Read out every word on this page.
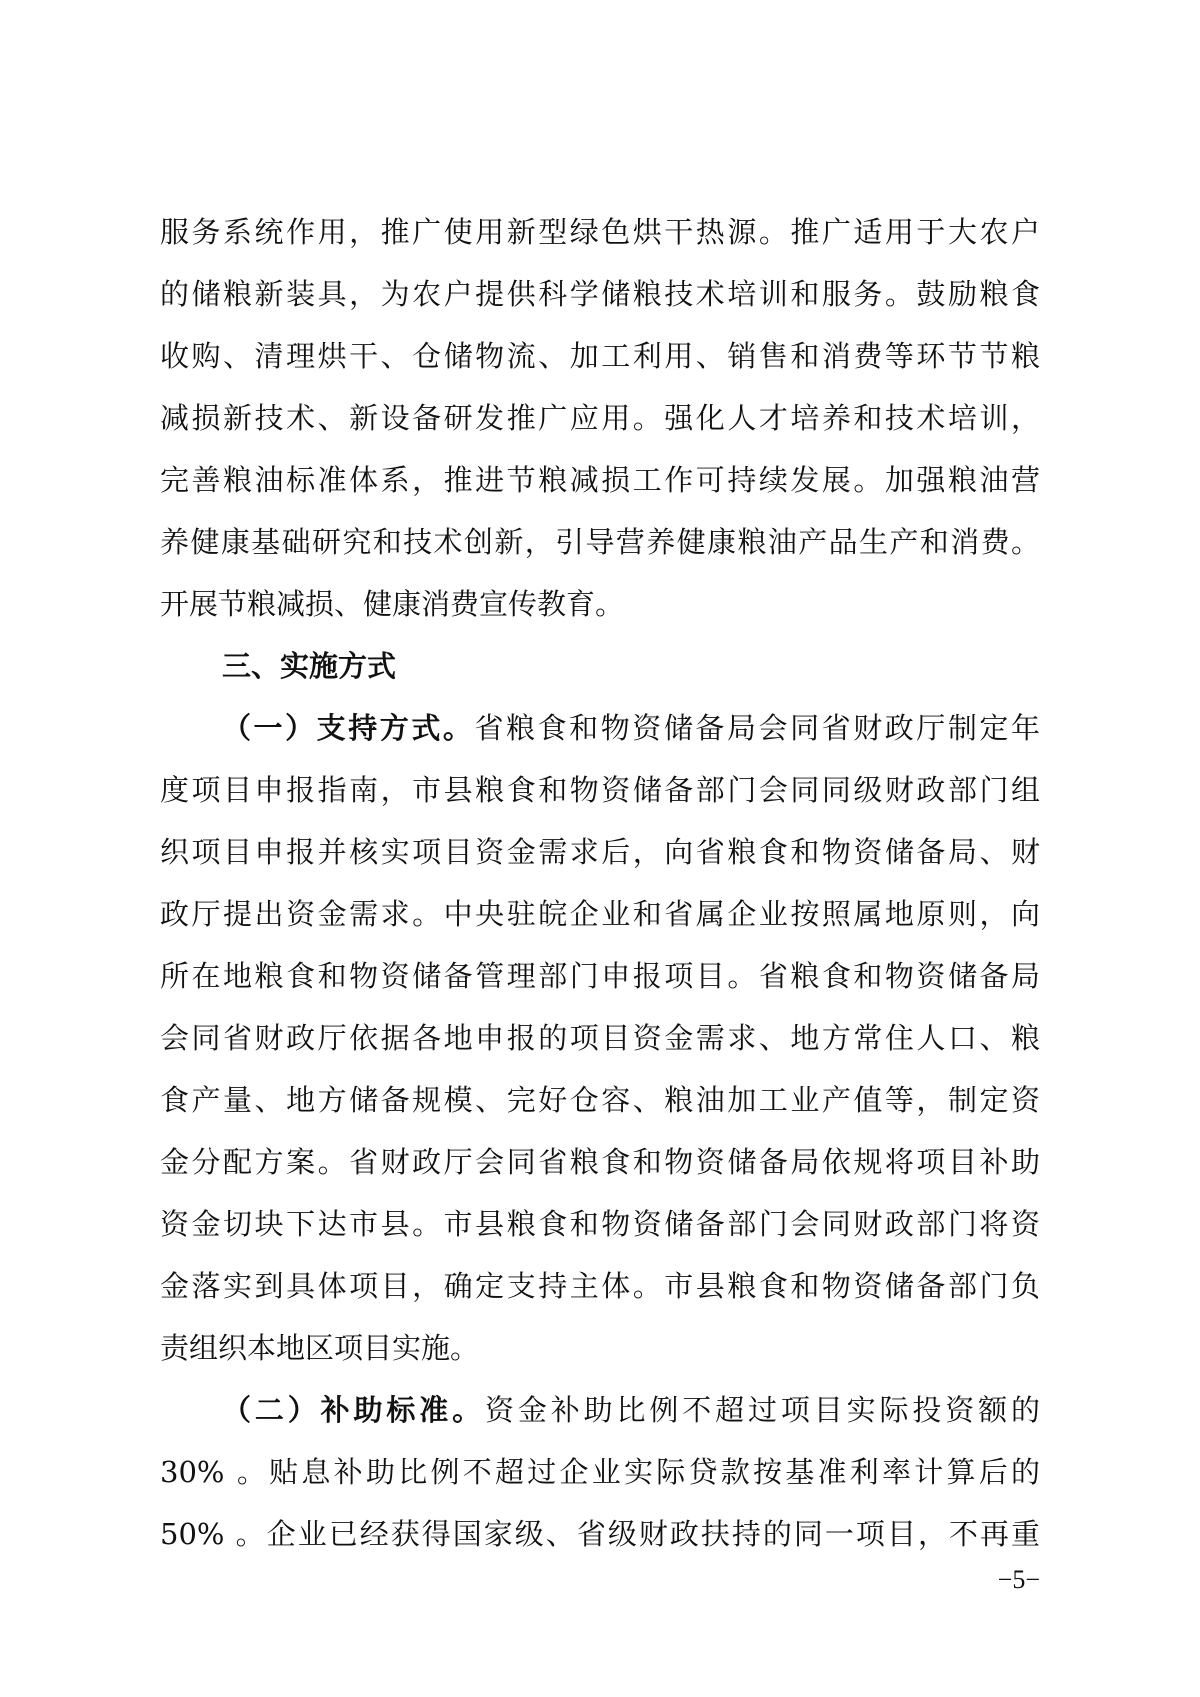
服务系统作用，推广使用新型绿色烘干热源。推广适用于大农户

的储粮新装具，为农户提供科学储粮技术培训和服务。鼓励粮食

收购、清理烘干、仓储物流、加工利用、销售和消费等环节节粮

减损新技术、新设备研发推广应用。强化人才培养和技术培训，

完善粮油标准体系，推进节粮减损工作可持续发展。加强粮油营

养健康基础研究和技术创新，引导营养健康粮油产品生产和消费。

开展节粮减损、健康消费宣传教育。

三、实施方式

（一）支持方式。省粮食和物资储备局会同省财政厅制定年

度项目申报指南，市县粮食和物资储备部门会同同级财政部门组

织项目申报并核实项目资金需求后，向省粮食和物资储备局、财

政厅提出资金需求。中央驻皖企业和省属企业按照属地原则，向

所在地粮食和物资储备管理部门申报项目。省粮食和物资储备局

会同省财政厅依据各地申报的项目资金需求、地方常住人口、粮

食产量、地方储备规模、完好仓容、粮油加工业产值等，制定资

金分配方案。省财政厅会同省粮食和物资储备局依规将项目补助

资金切块下达市县。市县粮食和物资储备部门会同财政部门将资

金落实到具体项目，确定支持主体。市县粮食和物资储备部门负

责组织本地区项目实施。

（二）补助标准。资金补助比例不超过项目实际投资额的

30% 。贴息补助比例不超过企业实际贷款按基准利率计算后的

50% 。企业已经获得国家级、省级财政扶持的同一项目，不再重

−5−
